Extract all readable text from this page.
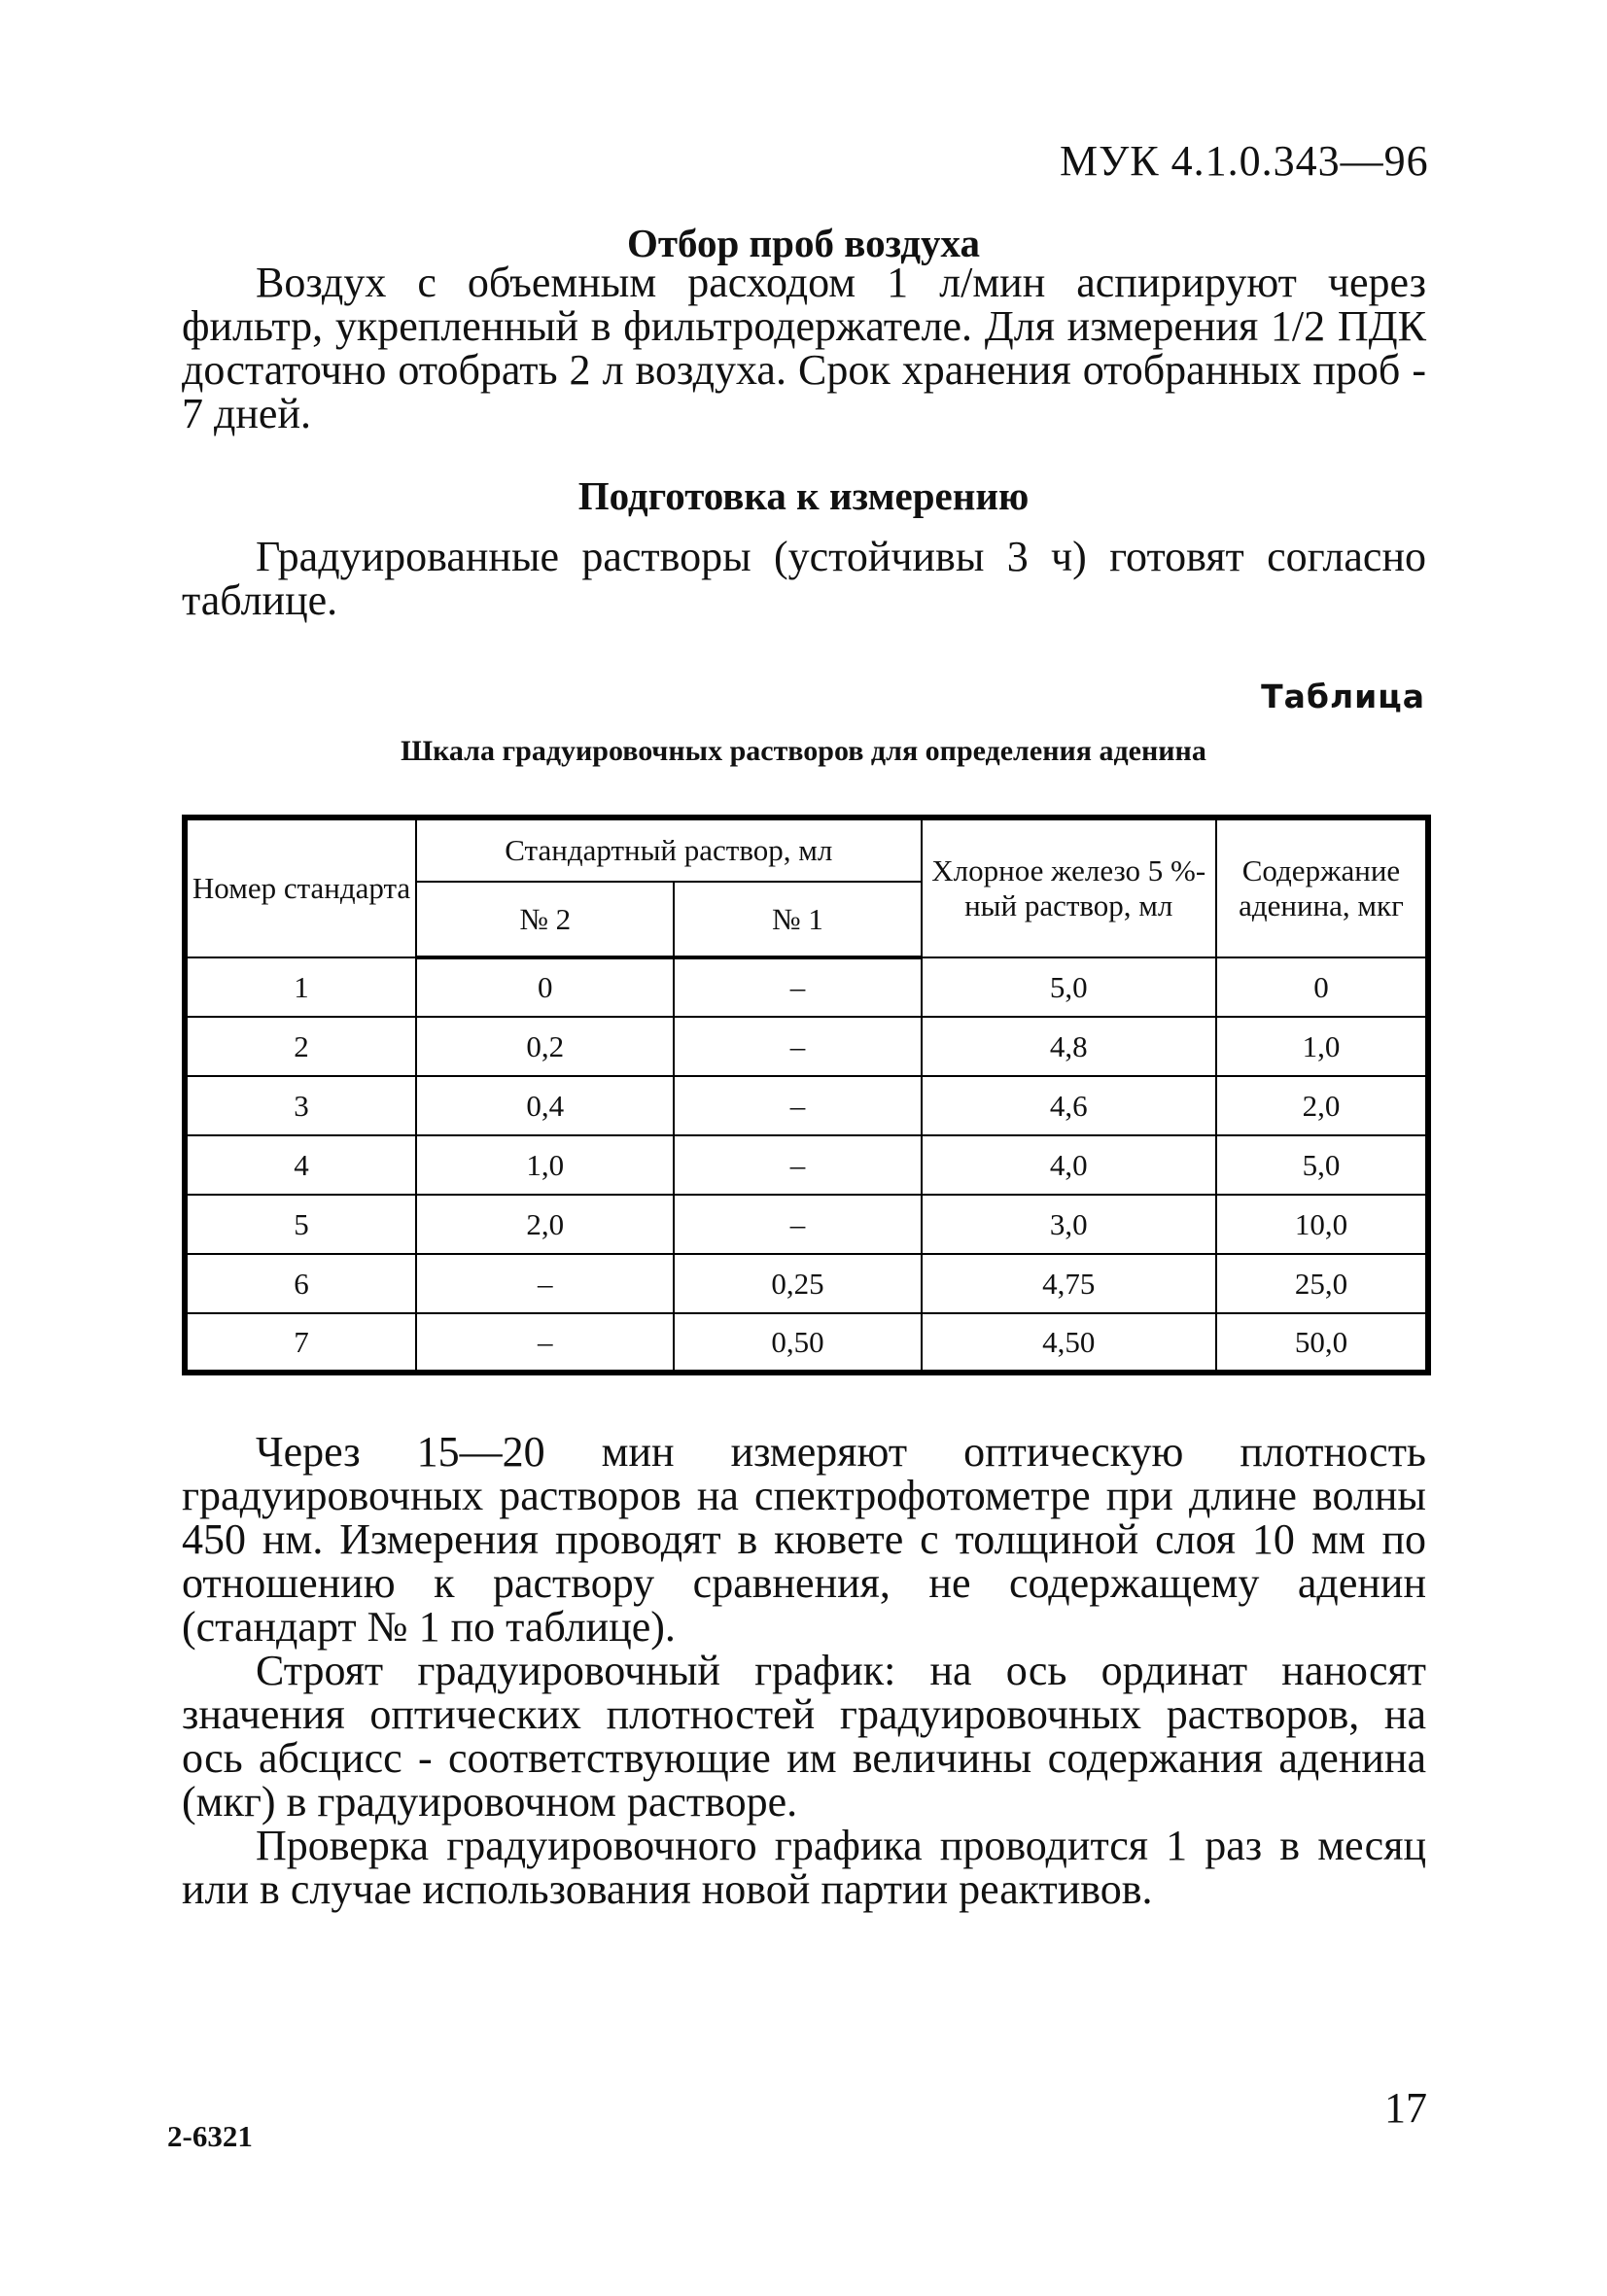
МУК 4.1.0.343—96
Отбор проб воздуха

Воздух с объемным расходом 1 л/мин аспирируют через фильтр, укрепленный в фильтродержателе. Для измерения 1/2 ПДК достаточно отобрать 2 л воздуха. Срок хранения отобранных проб - 7 дней.

Подготовка к измерению

Градуированные растворы (устойчивы 3 ч) готовят согласно таблице.

Таблица
Шкала градуировочных растворов для определения аденина
Номер стандарта	Стандартный раствор, мл		Хлорное железо 5 %-ный раствор, мл	Содержание аденина, мкг
	№ 2	№ 1		
1	0	–	5,0	0
2	0,2	–	4,8	1,0
3	0,4	–	4,6	2,0
4	1,0	–	4,0	5,0
5	2,0	–	3,0	10,0
6	–	0,25	4,75	25,0
7	–	0,50	4,50	50,0

Через 15—20 мин измеряют оптическую плотность градуировочных растворов на спектрофотометре при длине волны 450 нм. Измерения проводят в кювете с толщиной слоя 10 мм по отношению к раствору сравнения, не содержащему аденин (стандарт № 1 по таблице).

Строят градуировочный график: на ось ординат наносят значения оптических плотностей градуировочных растворов, на ось абсцисс - соответствующие им величины содержания аденина (мкг) в градуировочном растворе.

Проверка градуировочного графика проводится 1 раз в месяц или в случае использования новой партии реактивов.

2-6321
17
